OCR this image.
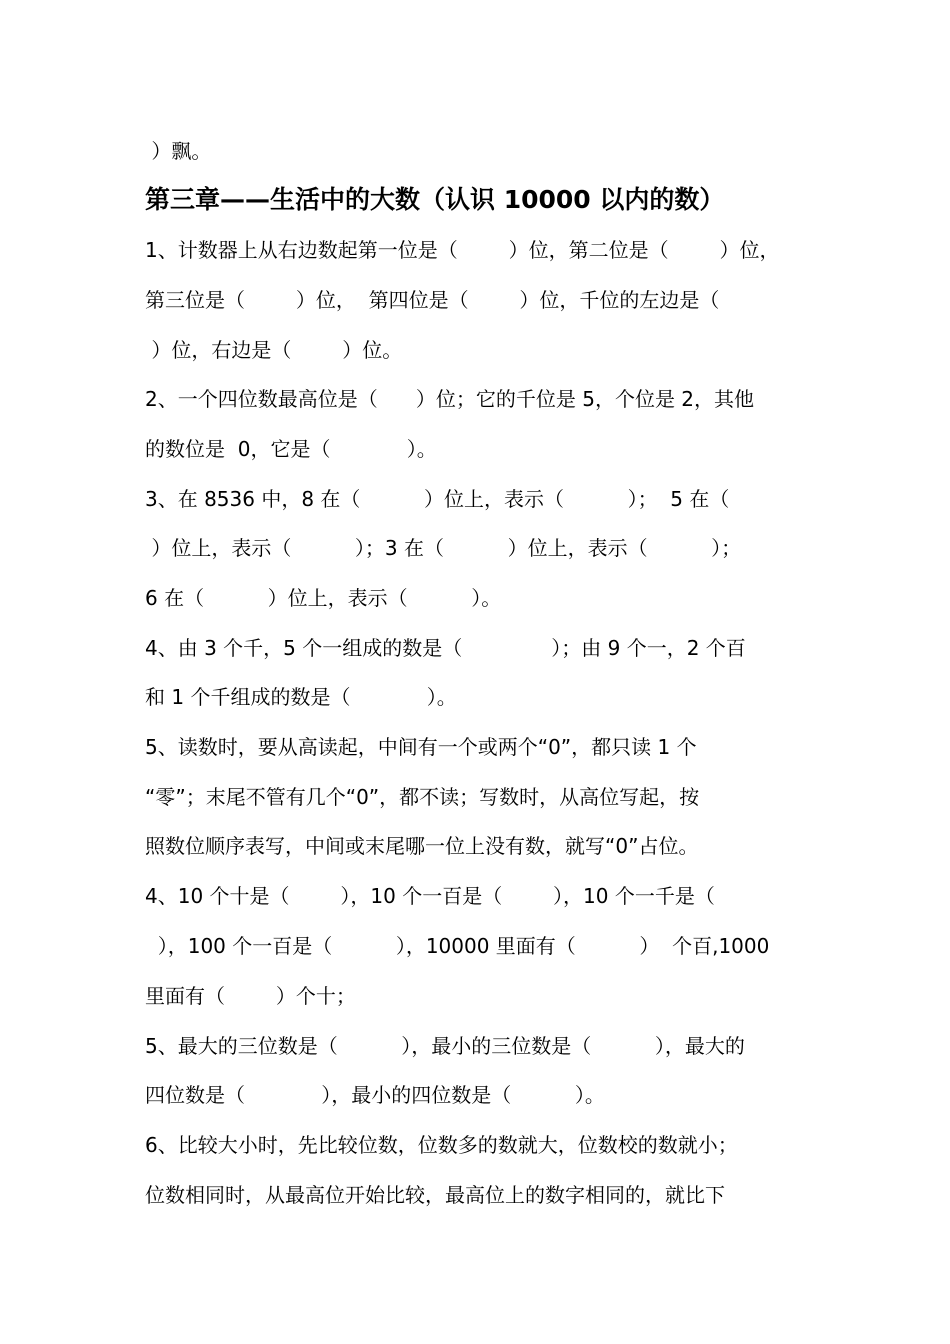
）飘。
第三章——生活中的大数（认识 10000 以内的数）
1、计数器上从右边数起第一位是（        ）位，第二位是（        ）位，
第三位是（        ）位，  第四位是（        ）位，千位的左边是（
）位，右边是（        ）位。
2、一个四位数最高位是（      ）位；它的千位是 5，个位是 2，其他
的数位是  0，它是（            ）。
3、在 8536 中，8 在（          ）位上，表示（          ）；  5 在（
）位上，表示（          ）；3 在（          ）位上，表示（          ）；
6 在（          ）位上，表示（          ）。
4、由 3 个千，5 个一组成的数是（              ）；由 9 个一，2 个百
和 1 个千组成的数是（            ）。
5、读数时，要从高读起，中间有一个或两个“0”，都只读 1 个
“零”；末尾不管有几个“0”，都不读；写数时，从高位写起，按
照数位顺序表写，中间或末尾哪一位上没有数，就写“0”占位。
4、10 个十是（        ），10 个一百是（        ），10 个一千是（
），100 个一百是（          ），10000 里面有（          ）  个百,1000
里面有（        ）个十；
5、最大的三位数是（          ），最小的三位数是（          ），最大的
四位数是（            ），最小的四位数是（          ）。
6、比较大小时，先比较位数，位数多的数就大，位数校的数就小；
位数相同时，从最高位开始比较，最高位上的数字相同的，就比下
